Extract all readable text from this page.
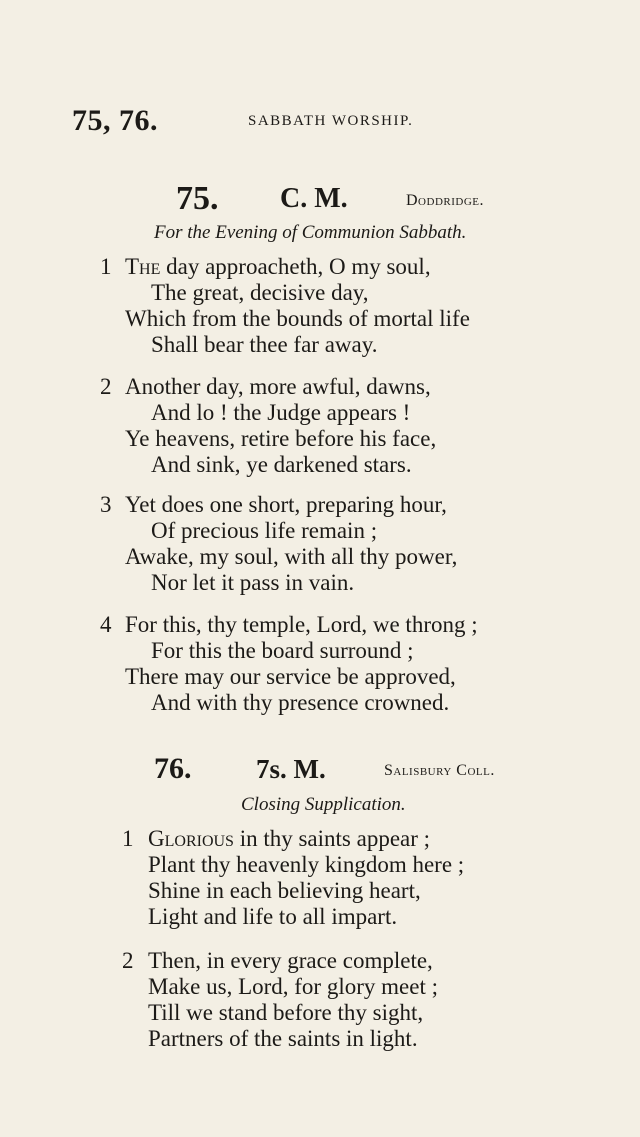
75, 76.	SABBATH WORSHIP.
75. C. M.	Doddridge.
For the Evening of Communion Sabbath.
1 The day approacheth, O my soul,
The great, decisive day,
Which from the bounds of mortal life
Shall bear thee far away.
2 Another day, more awful, dawns,
And lo ! the Judge appears !
Ye heavens, retire before his face,
And sink, ye darkened stars.
3 Yet does one short, preparing hour,
Of precious life remain ;
Awake, my soul, with all thy power,
Nor let it pass in vain.
4 For this, thy temple, Lord, we throng ;
For this the board surround ;
There may our service be approved,
And with thy presence crowned.
76. 7s. M.	Salisbury Coll.
Closing Supplication.
1 Glorious in thy saints appear ;
Plant thy heavenly kingdom here ;
Shine in each believing heart,
Light and life to all impart.
2 Then, in every grace complete,
Make us, Lord, for glory meet ;
Till we stand before thy sight,
Partners of the saints in light.
